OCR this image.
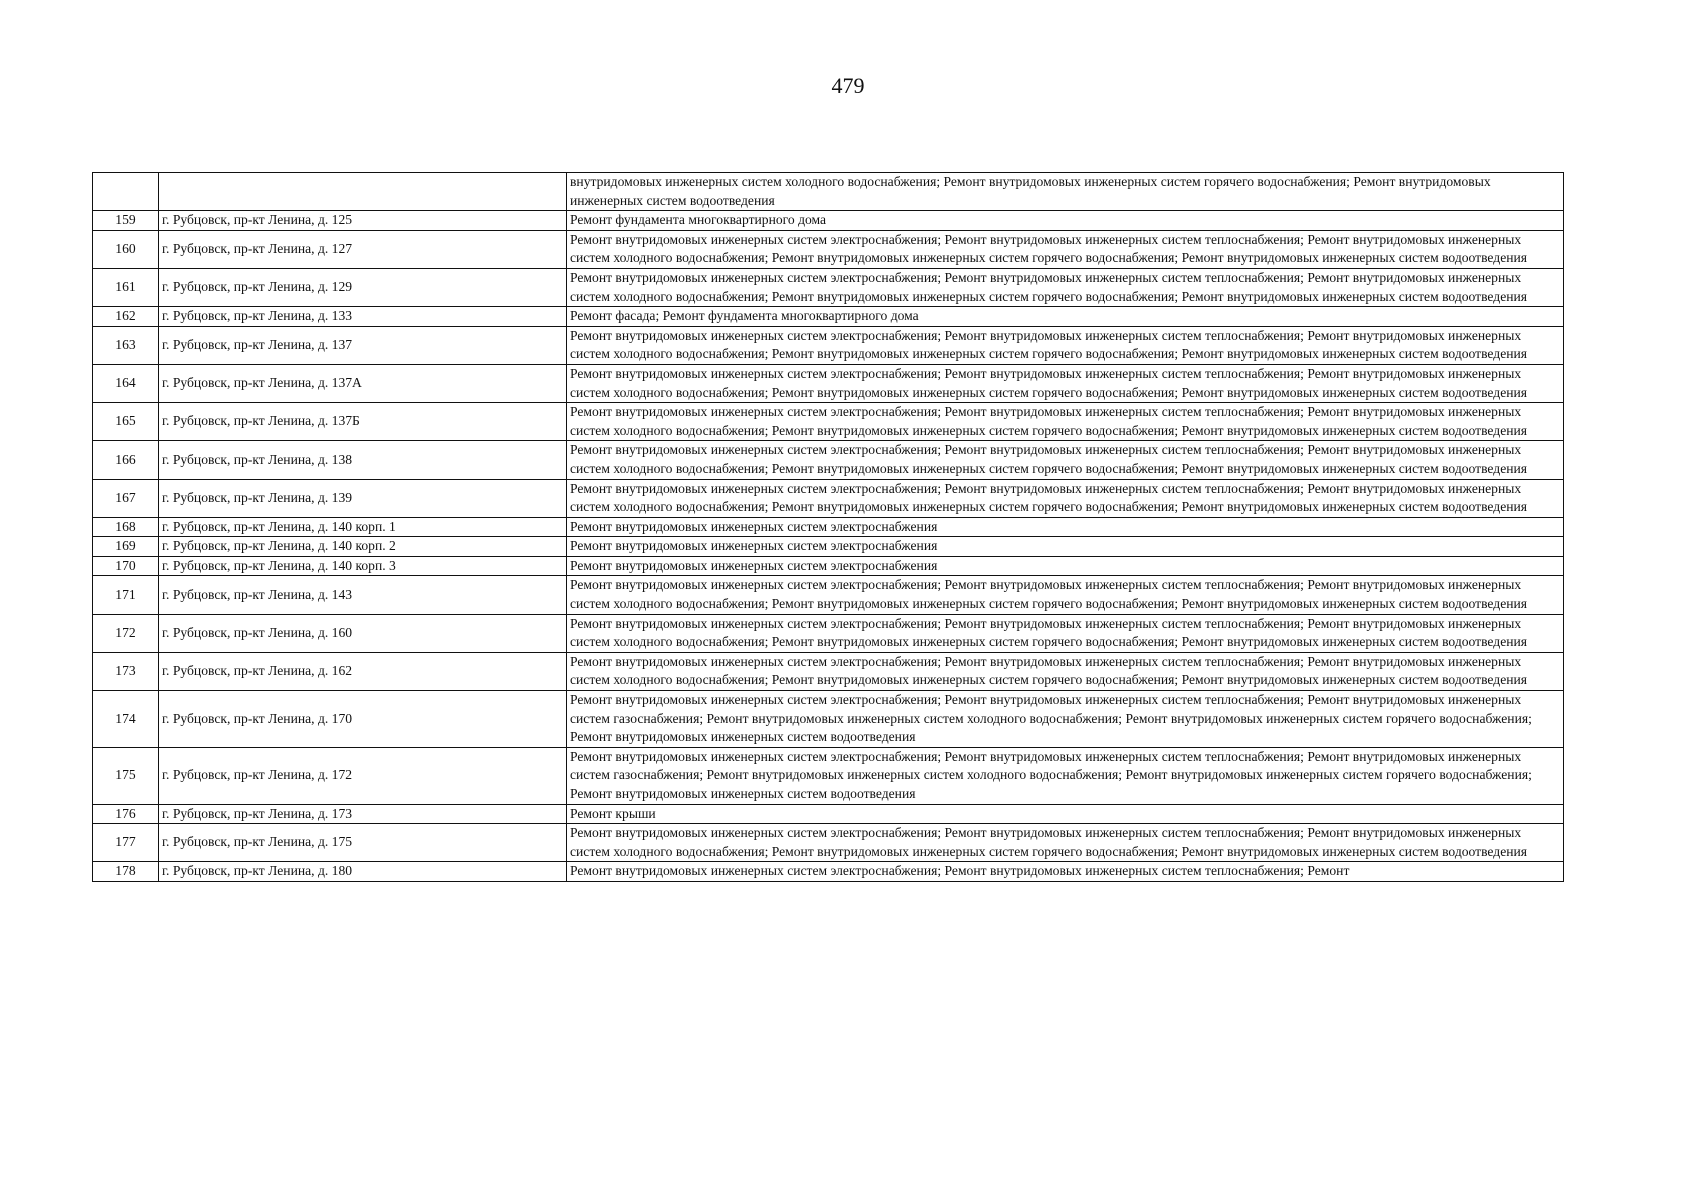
479
		внутридомовых инженерных систем холодного водоснабжения; Ремонт внутридомовых инженерных систем горячего водоснабжения; Ремонт внутридомовых инженерных систем водоотведения
159	г. Рубцовск, пр-кт Ленина, д. 125	Ремонт фундамента многоквартирного дома
160	г. Рубцовск, пр-кт Ленина, д. 127	Ремонт внутридомовых инженерных систем электроснабжения; Ремонт внутридомовых инженерных систем теплоснабжения; Ремонт внутридомовых инженерных систем холодного водоснабжения; Ремонт внутридомовых инженерных систем горячего водоснабжения; Ремонт внутридомовых инженерных систем водоотведения
161	г. Рубцовск, пр-кт Ленина, д. 129	Ремонт внутридомовых инженерных систем электроснабжения; Ремонт внутридомовых инженерных систем теплоснабжения; Ремонт внутридомовых инженерных систем холодного водоснабжения; Ремонт внутридомовых инженерных систем горячего водоснабжения; Ремонт внутридомовых инженерных систем водоотведения
162	г. Рубцовск, пр-кт Ленина, д. 133	Ремонт фасада; Ремонт фундамента многоквартирного дома
163	г. Рубцовск, пр-кт Ленина, д. 137	Ремонт внутридомовых инженерных систем электроснабжения; Ремонт внутридомовых инженерных систем теплоснабжения; Ремонт внутридомовых инженерных систем холодного водоснабжения; Ремонт внутридомовых инженерных систем горячего водоснабжения; Ремонт внутридомовых инженерных систем водоотведения
164	г. Рубцовск, пр-кт Ленина, д. 137А	Ремонт внутридомовых инженерных систем электроснабжения; Ремонт внутридомовых инженерных систем теплоснабжения; Ремонт внутридомовых инженерных систем холодного водоснабжения; Ремонт внутридомовых инженерных систем горячего водоснабжения; Ремонт внутридомовых инженерных систем водоотведения
165	г. Рубцовск, пр-кт Ленина, д. 137Б	Ремонт внутридомовых инженерных систем электроснабжения; Ремонт внутридомовых инженерных систем теплоснабжения; Ремонт внутридомовых инженерных систем холодного водоснабжения; Ремонт внутридомовых инженерных систем горячего водоснабжения; Ремонт внутридомовых инженерных систем водоотведения
166	г. Рубцовск, пр-кт Ленина, д. 138	Ремонт внутридомовых инженерных систем электроснабжения; Ремонт внутридомовых инженерных систем теплоснабжения; Ремонт внутридомовых инженерных систем холодного водоснабжения; Ремонт внутридомовых инженерных систем горячего водоснабжения; Ремонт внутридомовых инженерных систем водоотведения
167	г. Рубцовск, пр-кт Ленина, д. 139	Ремонт внутридомовых инженерных систем электроснабжения; Ремонт внутридомовых инженерных систем теплоснабжения; Ремонт внутридомовых инженерных систем холодного водоснабжения; Ремонт внутридомовых инженерных систем горячего водоснабжения; Ремонт внутридомовых инженерных систем водоотведения
168	г. Рубцовск, пр-кт Ленина, д. 140 корп. 1	Ремонт внутридомовых инженерных систем электроснабжения
169	г. Рубцовск, пр-кт Ленина, д. 140 корп. 2	Ремонт внутридомовых инженерных систем электроснабжения
170	г. Рубцовск, пр-кт Ленина, д. 140 корп. 3	Ремонт внутридомовых инженерных систем электроснабжения
171	г. Рубцовск, пр-кт Ленина, д. 143	Ремонт внутридомовых инженерных систем электроснабжения; Ремонт внутридомовых инженерных систем теплоснабжения; Ремонт внутридомовых инженерных систем холодного водоснабжения; Ремонт внутридомовых инженерных систем горячего водоснабжения; Ремонт внутридомовых инженерных систем водоотведения
172	г. Рубцовск, пр-кт Ленина, д. 160	Ремонт внутридомовых инженерных систем электроснабжения; Ремонт внутридомовых инженерных систем теплоснабжения; Ремонт внутридомовых инженерных систем холодного водоснабжения; Ремонт внутридомовых инженерных систем горячего водоснабжения; Ремонт внутридомовых инженерных систем водоотведения
173	г. Рубцовск, пр-кт Ленина, д. 162	Ремонт внутридомовых инженерных систем электроснабжения; Ремонт внутридомовых инженерных систем теплоснабжения; Ремонт внутридомовых инженерных систем холодного водоснабжения; Ремонт внутридомовых инженерных систем горячего водоснабжения; Ремонт внутридомовых инженерных систем водоотведения
174	г. Рубцовск, пр-кт Ленина, д. 170	Ремонт внутридомовых инженерных систем электроснабжения; Ремонт внутридомовых инженерных систем теплоснабжения; Ремонт внутридомовых инженерных систем газоснабжения; Ремонт внутридомовых инженерных систем холодного водоснабжения; Ремонт внутридомовых инженерных систем горячего водоснабжения; Ремонт внутридомовых инженерных систем водоотведения
175	г. Рубцовск, пр-кт Ленина, д. 172	Ремонт внутридомовых инженерных систем электроснабжения; Ремонт внутридомовых инженерных систем теплоснабжения; Ремонт внутридомовых инженерных систем газоснабжения; Ремонт внутридомовых инженерных систем холодного водоснабжения; Ремонт внутридомовых инженерных систем горячего водоснабжения; Ремонт внутридомовых инженерных систем водоотведения
176	г. Рубцовск, пр-кт Ленина, д. 173	Ремонт крыши
177	г. Рубцовск, пр-кт Ленина, д. 175	Ремонт внутридомовых инженерных систем электроснабжения; Ремонт внутридомовых инженерных систем теплоснабжения; Ремонт внутридомовых инженерных систем холодного водоснабжения; Ремонт внутридомовых инженерных систем горячего водоснабжения; Ремонт внутридомовых инженерных систем водоотведения
178	г. Рубцовск, пр-кт Ленина, д. 180	Ремонт внутридомовых инженерных систем электроснабжения; Ремонт внутридомовых инженерных систем теплоснабжения; Ремонт
